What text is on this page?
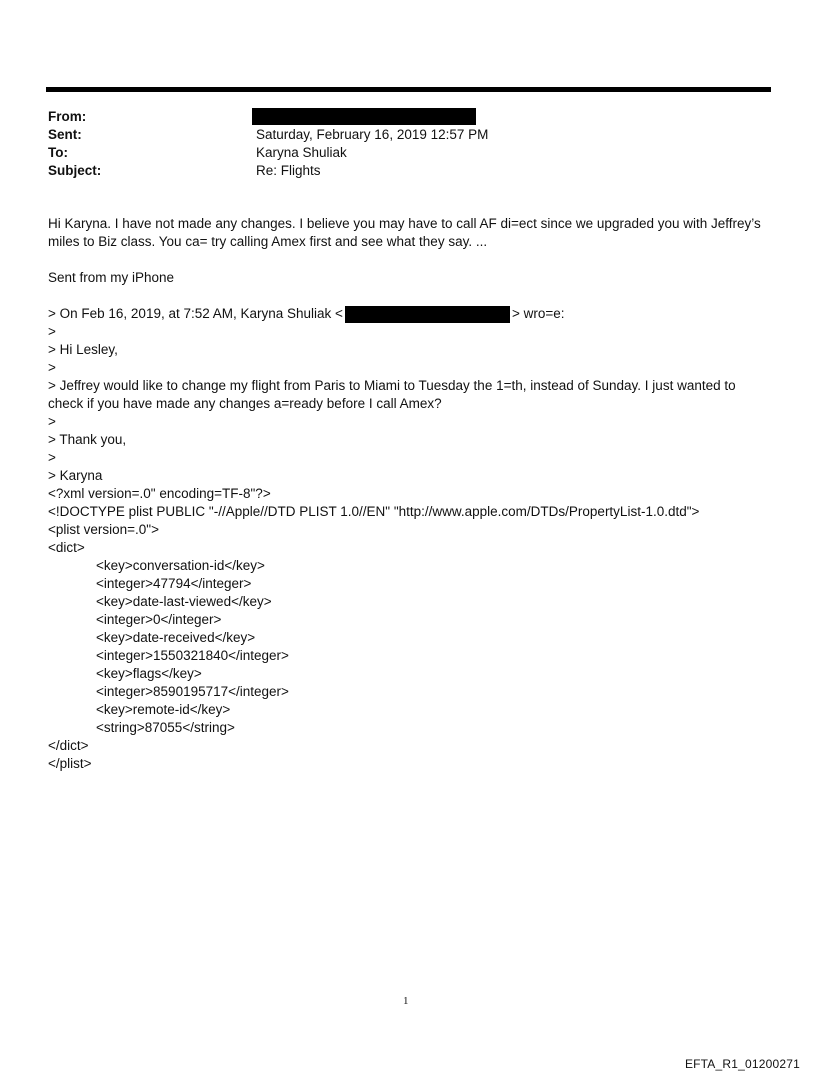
From:
Sent:	Saturday, February 16, 2019 12:57 PM
To:	Karyna Shuliak
Subject:	Re: Flights

Hi Karyna. I have not made any changes. I believe you may have to call AF di=ect since we upgraded you with Jeffrey’s miles to Biz class. You ca= try calling Amex first and see what they say. ...

Sent from my iPhone

> On Feb 16, 2019, at 7:52 AM, Karyna Shuliak <	> wro=e:
>
> Hi Lesley,
>
> Jeffrey would like to change my flight from Paris to Miami to Tuesday the 1=th, instead of Sunday. I just wanted to check if you have made any changes a=ready before I call Amex?
>
> Thank you,
>
> Karyna
<?xml version=.0" encoding=TF-8"?>
<!DOCTYPE plist PUBLIC "-//Apple//DTD PLIST 1.0//EN" "http://www.apple.com/DTDs/PropertyList-1.0.dtd">
<plist version=.0">
<dict>
<key>conversation-id</key>
<integer>47794</integer>
<key>date-last-viewed</key>
<integer>0</integer>
<key>date-received</key>
<integer>1550321840</integer>
<key>flags</key>
<integer>8590195717</integer>
<key>remote-id</key>
<string>87055</string>
</dict>
</plist>
1
EFTA_R1_01200271
